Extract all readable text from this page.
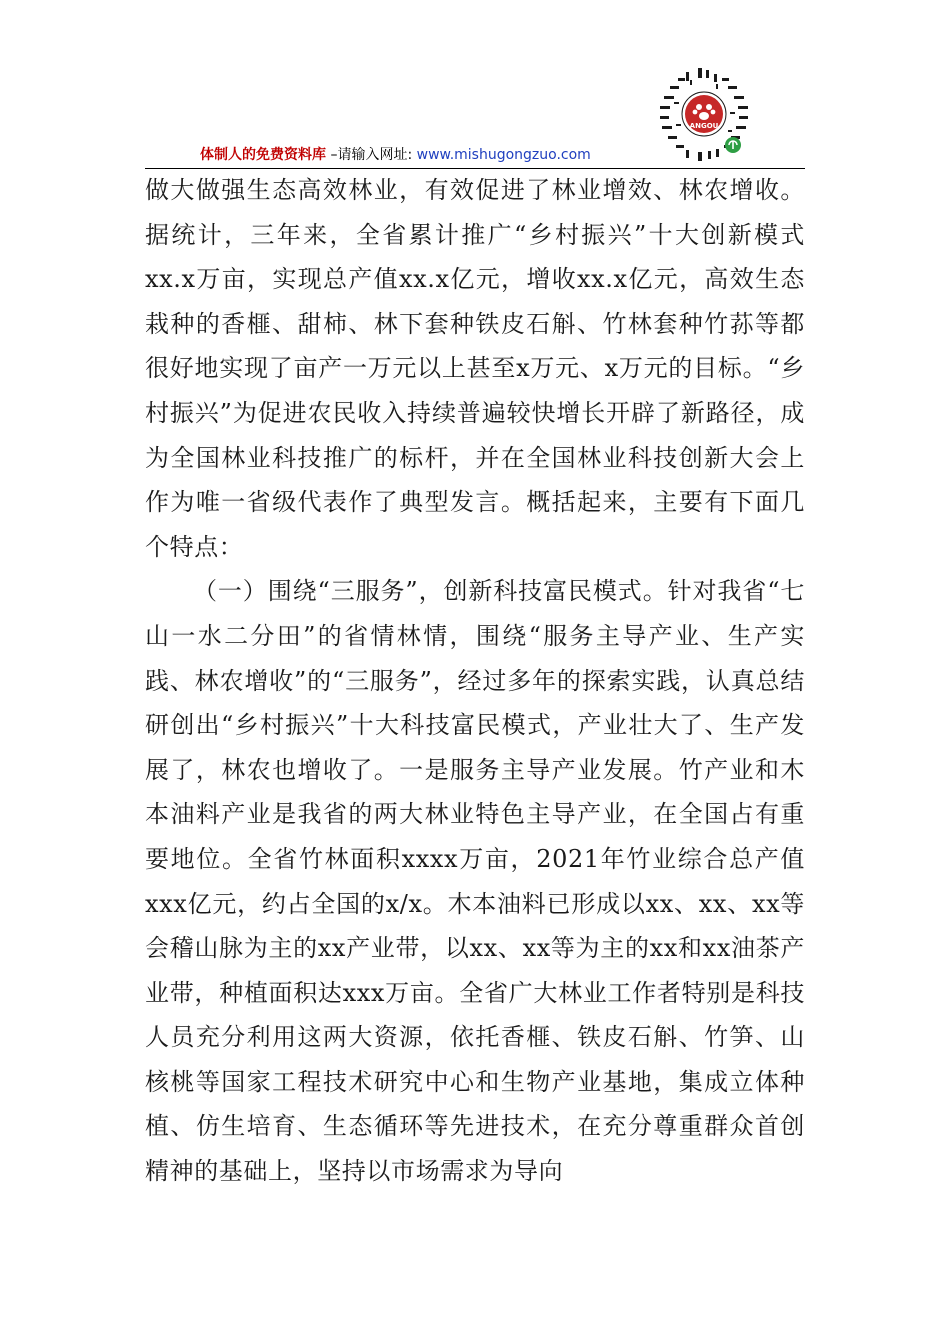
体制人的免费资料库 –请输入网址: www.mishugongzuo.com
ANGOU

做大做强生态高效林业，有效促进了林业增效、林农增收。据统计，三年来，全省累计推广“乡村振兴”十大创新模式xx.x万亩，实现总产值xx.x亿元，增收xx.x亿元，高效生态栽种的香榧、甜柿、林下套种铁皮石斛、竹林套种竹荪等都很好地实现了亩产一万元以上甚至x万元、x万元的目标。“乡村振兴”为促进农民收入持续普遍较快增长开辟了新路径，成为全国林业科技推广的标杆，并在全国林业科技创新大会上作为唯一省级代表作了典型发言。概括起来，主要有下面几个特点：

（一）围绕“三服务”，创新科技富民模式。针对我省“七山一水二分田”的省情林情，围绕“服务主导产业、生产实践、林农增收”的“三服务”，经过多年的探索实践，认真总结研创出“乡村振兴”十大科技富民模式，产业壮大了、生产发展了，林农也增收了。一是服务主导产业发展。竹产业和木本油料产业是我省的两大林业特色主导产业，在全国占有重要地位。全省竹林面积xxxx万亩，2021年竹业综合总产值xxx亿元，约占全国的x/x。木本油料已形成以xx、xx、xx等会稽山脉为主的xx产业带，以xx、xx等为主的xx和xx油茶产业带，种植面积达xxx万亩。全省广大林业工作者特别是科技人员充分利用这两大资源，依托香榧、铁皮石斛、竹笋、山核桃等国家工程技术研究中心和生物产业基地，集成立体种植、仿生培育、生态循环等先进技术，在充分尊重群众首创精神的基础上，坚持以市场需求为导向
